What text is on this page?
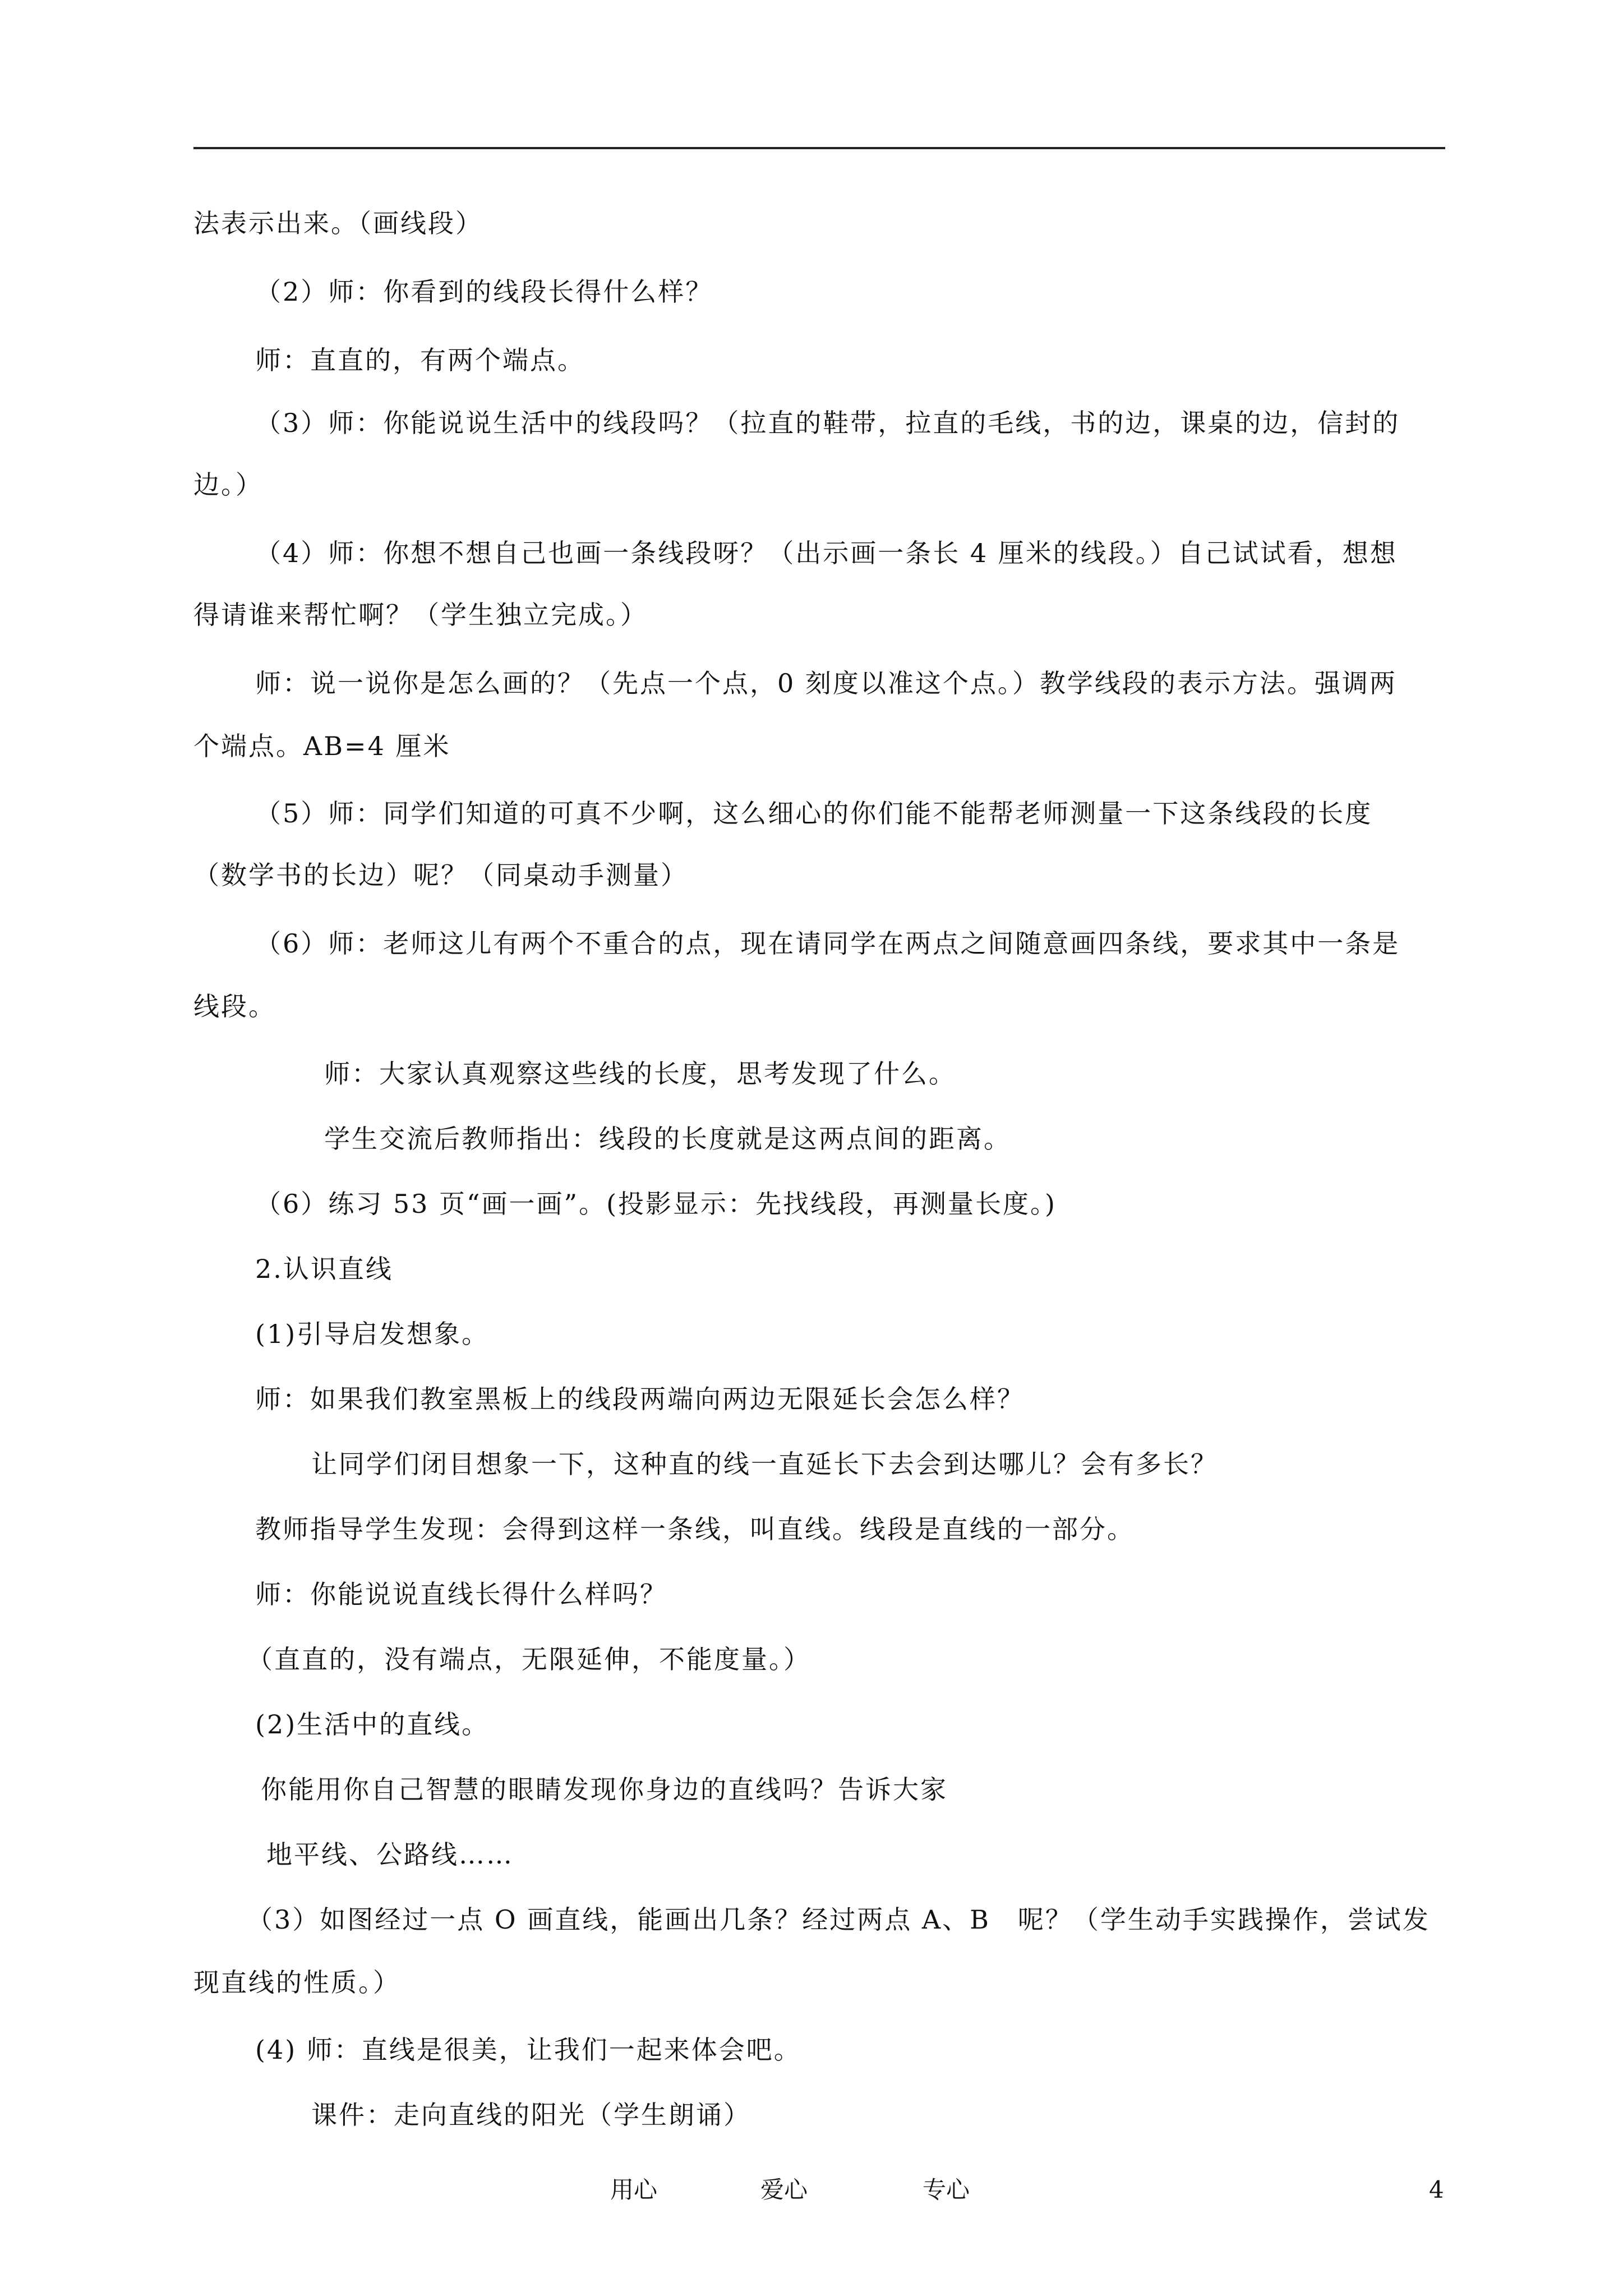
法表示出来。（画线段）
（2）师：你看到的线段长得什么样？
师：直直的，有两个端点。
（3）师：你能说说生活中的线段吗？（拉直的鞋带，拉直的毛线，书的边，课桌的边，信封的
边。）
（4）师：你想不想自己也画一条线段呀？（出示画一条长 4 厘米的线段。）自己试试看，想想
得请谁来帮忙啊？（学生独立完成。）
师：说一说你是怎么画的？（先点一个点，0 刻度以准这个点。）教学线段的表示方法。强调两
个端点。AB=4 厘米
（5）师：同学们知道的可真不少啊，这么细心的你们能不能帮老师测量一下这条线段的长度
（数学书的长边）呢？（同桌动手测量）
（6）师：老师这儿有两个不重合的点，现在请同学在两点之间随意画四条线，要求其中一条是
线段。
师：大家认真观察这些线的长度，思考发现了什么。
学生交流后教师指出：线段的长度就是这两点间的距离。
（6）练习 53 页“画一画”。(投影显示：先找线段，再测量长度。)
2.认识直线
(1)引导启发想象。
师：如果我们教室黑板上的线段两端向两边无限延长会怎么样？
让同学们闭目想象一下，这种直的线一直延长下去会到达哪儿？会有多长？
教师指导学生发现：会得到这样一条线，叫直线。线段是直线的一部分。
师：你能说说直线长得什么样吗？
（直直的，没有端点，无限延伸，不能度量。）
(2)生活中的直线。
你能用你自己智慧的眼睛发现你身边的直线吗？告诉大家
地平线、公路线……
（3）如图经过一点 O 画直线，能画出几条？经过两点 A、B　呢？（学生动手实践操作，尝试发
现直线的性质。）
(4) 师：直线是很美，让我们一起来体会吧。
课件：走向直线的阳光（学生朗诵）
用心	爱心	专心	4
